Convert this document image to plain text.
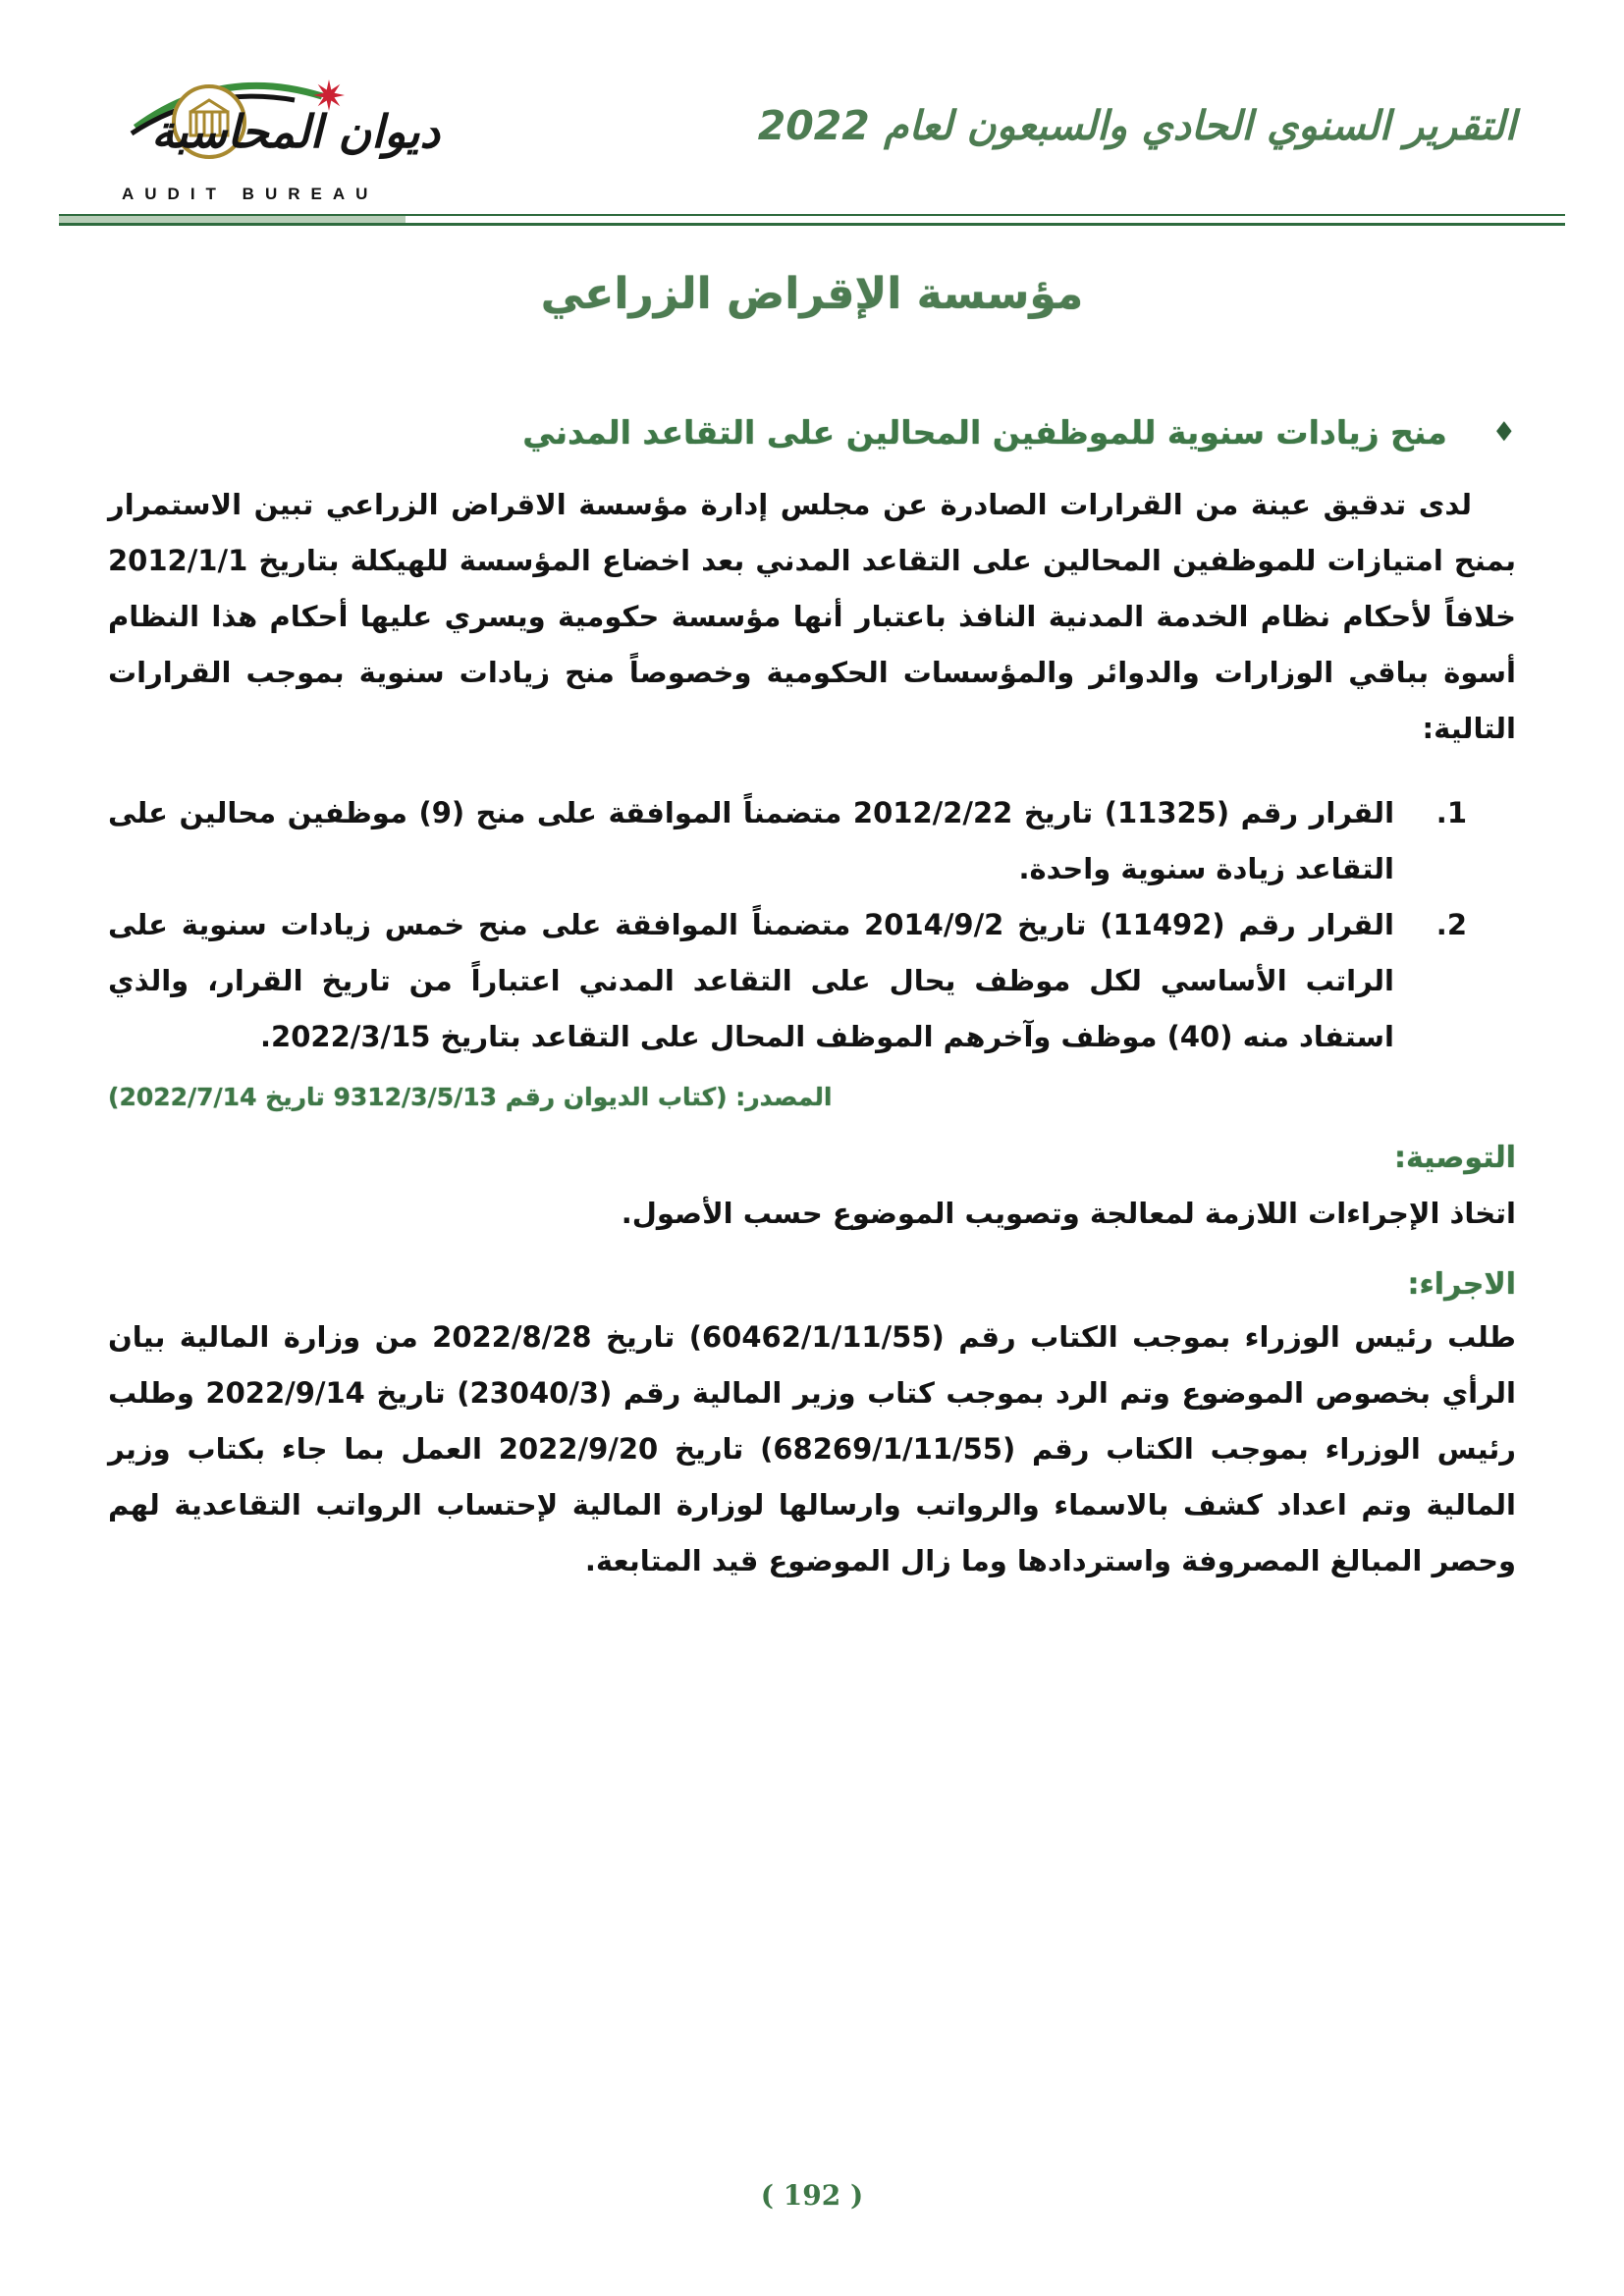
ديوان المحاسبة
AUDIT BUREAU
التقرير السنوي الحادي والسبعون لعام 2022
مؤسسة الإقراض الزراعي
♦
منح زيادات سنوية للموظفين المحالين على التقاعد المدني

لدى تدقيق عينة من القرارات الصادرة عن مجلس إدارة مؤسسة الاقراض الزراعي تبين الاستمرار بمنح امتيازات للموظفين المحالين على التقاعد المدني بعد اخضاع المؤسسة للهيكلة بتاريخ 2012/1/1 خلافاً لأحكام نظام الخدمة المدنية النافذ باعتبار أنها مؤسسة حكومية ويسري عليها أحكام هذا النظام أسوة بباقي الوزارات والدوائر والمؤسسات الحكومية وخصوصاً منح زيادات سنوية بموجب القرارات التالية:

1.
القرار رقم (11325) تاريخ 2012/2/22 متضمناً الموافقة على منح (9) موظفين محالين على التقاعد زيادة سنوية واحدة.
2.
القرار رقم (11492) تاريخ 2014/9/2 متضمناً الموافقة على منح خمس زيادات سنوية على الراتب الأساسي لكل موظف يحال على التقاعد المدني اعتباراً من تاريخ القرار، والذي استفاد منه (40) موظف وآخرهم الموظف المحال على التقاعد بتاريخ 2022/3/15.
المصدر: (كتاب الديوان رقم 9312/3/5/13 تاريخ 2022/7/14)
التوصية:
اتخاذ الإجراءات اللازمة لمعالجة وتصويب الموضوع حسب الأصول.
الاجراء:

طلب رئيس الوزراء بموجب الكتاب رقم (60462/1/11/55) تاريخ 2022/8/28 من وزارة المالية بيان الرأي بخصوص الموضوع وتم الرد بموجب كتاب وزير المالية رقم (23040/3) تاريخ 2022/9/14 وطلب رئيس الوزراء بموجب الكتاب رقم (68269/1/11/55) تاريخ 2022/9/20 العمل بما جاء بكتاب وزير المالية وتم اعداد كشف بالاسماء والرواتب وارسالها لوزارة المالية لإحتساب الرواتب التقاعدية لهم وحصر المبالغ المصروفة واستردادها وما زال الموضوع قيد المتابعة.

( 192 )
